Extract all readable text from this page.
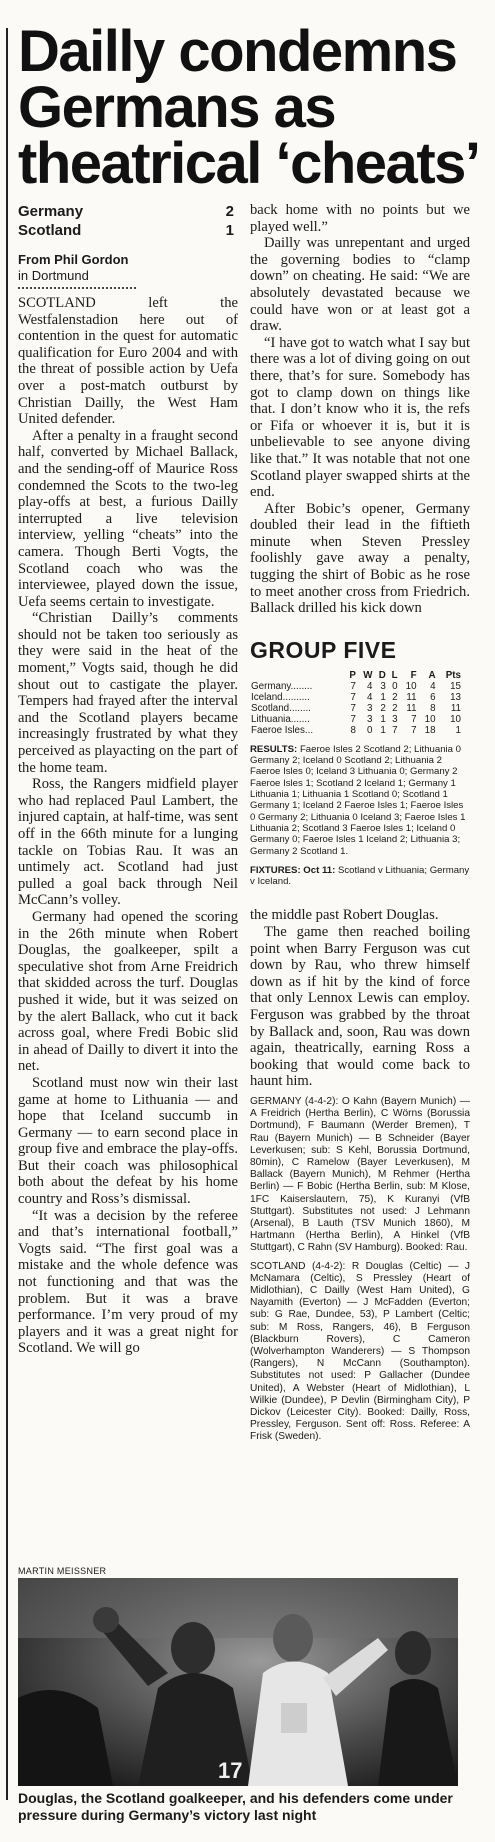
Dailly condemns Germans as theatrical ‘cheats’
Germany	2
Scotland	1
From Phil Gordon
in Dortmund

SCOTLAND left the Westfalenstadion here out of contention in the quest for automatic qualification for Euro 2004 and with the threat of possible action by Uefa over a post-match outburst by Christian Dailly, the West Ham United defender.

After a penalty in a fraught second half, converted by Michael Ballack, and the sending-off of Maurice Ross condemned the Scots to the two-leg play-offs at best, a furious Dailly interrupted a live television interview, yelling “cheats” into the camera. Though Berti Vogts, the Scotland coach who was the interviewee, played down the issue, Uefa seems certain to investigate.

“Christian Dailly’s comments should not be taken too seriously as they were said in the heat of the moment,” Vogts said, though he did shout out to castigate the player. Tempers had frayed after the interval and the Scotland players became increasingly frustrated by what they perceived as playacting on the part of the home team.

Ross, the Rangers midfield player who had replaced Paul Lambert, the injured captain, at half-time, was sent off in the 66th minute for a lunging tackle on Tobias Rau. It was an untimely act. Scotland had just pulled a goal back through Neil McCann’s volley.

Germany had opened the scoring in the 26th minute when Robert Douglas, the goalkeeper, spilt a speculative shot from Arne Freidrich that skidded across the turf. Douglas pushed it wide, but it was seized on by the alert Ballack, who cut it back across goal, where Fredi Bobic slid in ahead of Dailly to divert it into the net.

Scotland must now win their last game at home to Lithuania — and hope that Iceland succumb in Germany — to earn second place in group five and embrace the play-offs. But their coach was philosophical both about the defeat by his home country and Ross’s dismissal.

“It was a decision by the referee and that’s international football,” Vogts said. “The first goal was a mistake and the whole defence was not functioning and that was the problem. But it was a brave performance. I’m very proud of my players and it was a great night for Scotland. We will go

back home with no points but we played well.”

Dailly was unrepentant and urged the governing bodies to “clamp down” on cheating. He said: “We are absolutely devastated because we could have won or at least got a draw.

“I have got to watch what I say but there was a lot of diving going on out there, that’s for sure. Somebody has got to clamp down on things like that. I don’t know who it is, the refs or Fifa or whoever it is, but it is unbelievable to see anyone diving like that.” It was notable that not one Scotland player swapped shirts at the end.

After Bobic’s opener, Germany doubled their lead in the fiftieth minute when Steven Pressley foolishly gave away a penalty, tugging the shirt of Bobic as he rose to meet another cross from Friedrich. Ballack drilled his kick down

GROUP FIVE
	P	W	D	L	F	A	Pts
Germany........	7	4	3	0	10	4	15
Iceland..........	7	4	1	2	11	6	13
Scotland........	7	3	2	2	11	8	11
Lithuania.......	7	3	1	3	7	10	10
Faeroe Isles...	8	0	1	7	7	18	1
RESULTS: Faeroe Isles 2 Scotland 2; Lithuania 0 Germany 2; Iceland 0 Scotland 2; Lithuania 2 Faeroe Isles 0; Iceland 3 Lithuania 0; Germany 2 Faeroe Isles 1; Scotland 2 Iceland 1; Germany 1 Lithuania 1; Lithuania 1 Scotland 0; Scotland 1 Germany 1; Iceland 2 Faeroe Isles 1; Faeroe Isles 0 Germany 2; Lithuania 0 Iceland 3; Faeroe Isles 1 Lithuania 2; Scotland 3 Faeroe Isles 1; Iceland 0 Germany 0; Faeroe Isles 1 Iceland 2; Lithuania 3; Germany 2 Scotland 1.
FIXTURES: Oct 11: Scotland v Lithuania; Germany v Iceland.

the middle past Robert Douglas.

The game then reached boiling point when Barry Ferguson was cut down by Rau, who threw himself down as if hit by the kind of force that only Lennox Lewis can employ. Ferguson was grabbed by the throat by Ballack and, soon, Rau was down again, theatrically, earning Ross a booking that would come back to haunt him.

GERMANY (4-4-2): O Kahn (Bayern Munich) — A Freidrich (Hertha Berlin), C Wörns (Borussia Dortmund), F Baumann (Werder Bremen), T Rau (Bayern Munich) — B Schneider (Bayer Leverkusen; sub: S Kehl, Borussia Dortmund, 80min), C Ramelow (Bayer Leverkusen), M Ballack (Bayern Munich), M Rehmer (Hertha Berlin) — F Bobic (Hertha Berlin, sub: M Klose, 1FC Kaiserslautern, 75), K Kuranyi (VfB Stuttgart). Substitutes not used: J Lehmann (Arsenal), B Lauth (TSV Munich 1860), M Hartmann (Hertha Berlin), A Hinkel (VfB Stuttgart), C Rahn (SV Hamburg). Booked: Rau.
SCOTLAND (4-4-2): R Douglas (Celtic) — J McNamara (Celtic), S Pressley (Heart of Midlothian), C Dailly (West Ham United), G Nayamith (Everton) — J McFadden (Everton; sub: G Rae, Dundee, 53), P Lambert (Celtic; sub: M Ross, Rangers, 46), B Ferguson (Blackburn Rovers), C Cameron (Wolverhampton Wanderers) — S Thompson (Rangers), N McCann (Southampton). Substitutes not used: P Gallacher (Dundee United), A Webster (Heart of Midlothian), L Wilkie (Dundee), P Devlin (Birmingham City), P Dickov (Leicester City). Booked: Dailly, Ross, Pressley, Ferguson. Sent off: Ross. Referee: A Frisk (Sweden).
MARTIN MEISSNER
17
Douglas, the Scotland goalkeeper, and his defenders come under pressure during Germany’s victory last night
